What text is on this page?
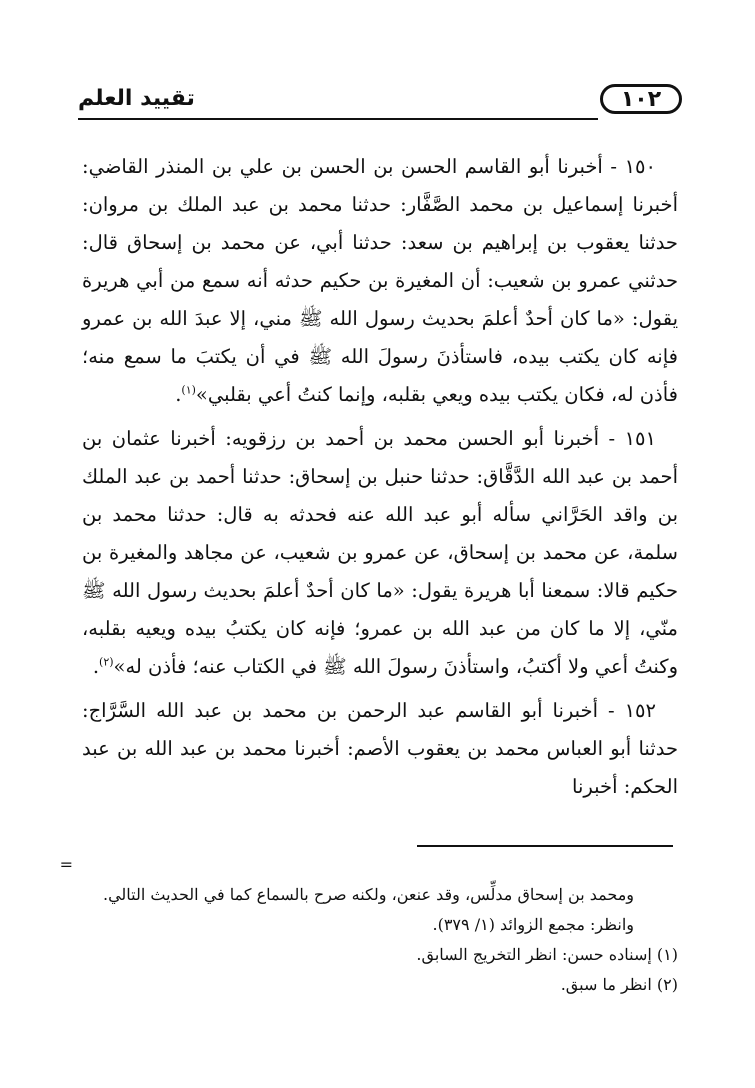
١٠٢
تقييد العلم

١٥٠ - أخبرنا أبو القاسم الحسن بن الحسن بن علي بن المنذر القاضي: أخبرنا إسماعيل بن محمد الصَّفَّار: حدثنا محمد بن عبد الملك بن مروان: حدثنا يعقوب بن إبراهيم بن سعد: حدثنا أبي، عن محمد بن إسحاق قال: حدثني عمرو بن شعيب: أن المغيرة بن حكيم حدثه أنه سمع من أبي هريرة يقول: «ما كان أحدٌ أعلمَ بحديث رسول الله ﷺ مني، إلا عبدَ الله بن عمرو فإنه كان يكتب بيده، فاستأذنَ رسولَ الله ﷺ في أن يكتبَ ما سمع منه؛ فأذن له، فكان يكتب بيده ويعي بقلبه، وإنما كنتُ أعي بقلبي»$^{(١)}$.

١٥١ - أخبرنا أبو الحسن محمد بن أحمد بن رزقويه: أخبرنا عثمان بن أحمد بن عبد الله الدَّقَّاق: حدثنا حنبل بن إسحاق: حدثنا أحمد بن عبد الملك بن واقد الحَرَّاني سأله أبو عبد الله عنه فحدثه به قال: حدثنا محمد بن سلمة، عن محمد بن إسحاق، عن عمرو بن شعيب، عن مجاهد والمغيرة بن حكيم قالا: سمعنا أبا هريرة يقول: «ما كان أحدٌ أعلمَ بحديث رسول الله ﷺ منّي، إلا ما كان من عبد الله بن عمرو؛ فإنه كان يكتبُ بيده ويعيه بقلبه، وكنتُ أعي ولا أكتبُ، واستأذنَ رسولَ الله ﷺ في الكتاب عنه؛ فأذن له»$^{(٢)}$.

١٥٢ - أخبرنا أبو القاسم عبد الرحمن بن محمد بن عبد الله السَّرَّاج: حدثنا أبو العباس محمد بن يعقوب الأصم: أخبرنا محمد بن عبد الله بن عبد الحكم: أخبرنا

=
ومحمد بن إسحاق مدلِّس، وقد عنعن، ولكنه صرح بالسماع كما في الحديث التالي.
وانظر: مجمع الزوائد (١/ ٣٧٩).
(١) إسناده حسن: انظر التخريج السابق.
(٢) انظر ما سبق.
